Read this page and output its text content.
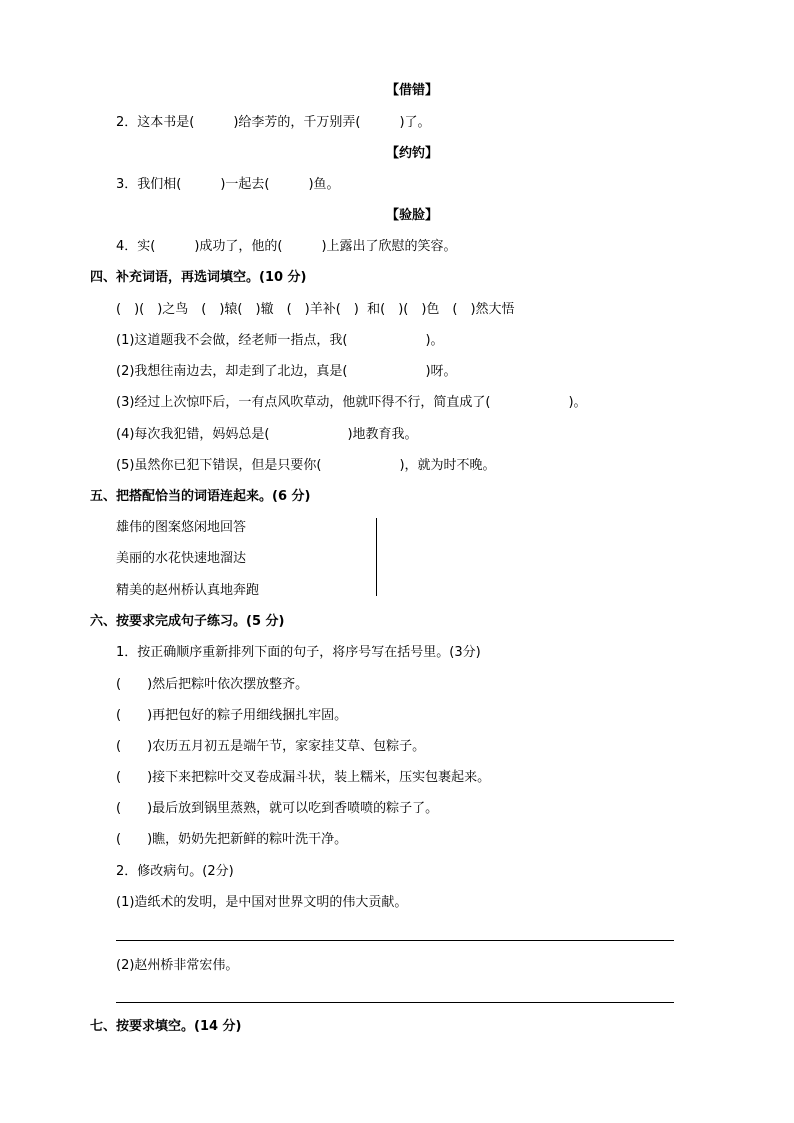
【借错】
2．这本书是(　　　)给李芳的，千万别弄(　　　)了。
【约钓】
3．我们相(　　　)一起去(　　　)鱼。
【验脸】
4．实(　　　)成功了，他的(　　　)上露出了欣慰的笑容。
四、补充词语，再选词填空。(10 分)
(　)(　)之鸟　(　)辕(　)辙　(　)羊补(　)  和(　)(　)色　(　)然大悟
(1)这道题我不会做，经老师一指点，我(　　　　　　)。
(2)我想往南边去，却走到了北边，真是(　　　　　　)呀。
(3)经过上次惊吓后，一有点风吹草动，他就吓得不行，简直成了(　　　　　　)。
(4)每次我犯错，妈妈总是(　　　　　　)地教育我。
(5)虽然你已犯下错误，但是只要你(　　　　　　)，就为时不晚。
五、把搭配恰当的词语连起来。(6 分)
雄伟的图案悠闲地回答
美丽的水花快速地溜达
精美的赵州桥认真地奔跑
六、按要求完成句子练习。(5 分)
1．按正确顺序重新排列下面的句子，将序号写在括号里。(3分)
(　　)然后把粽叶依次摆放整齐。
(　　)再把包好的粽子用细线捆扎牢固。
(　　)农历五月初五是端午节，家家挂艾草、包粽子。
(　　)接下来把粽叶交叉卷成漏斗状，装上糯米，压实包裹起来。
(　　)最后放到锅里蒸熟，就可以吃到香喷喷的粽子了。
(　　)瞧，奶奶先把新鲜的粽叶洗干净。
2．修改病句。(2分)
(1)造纸术的发明，是中国对世界文明的伟大贡献。
(2)赵州桥非常宏伟。
七、按要求填空。(14 分)
